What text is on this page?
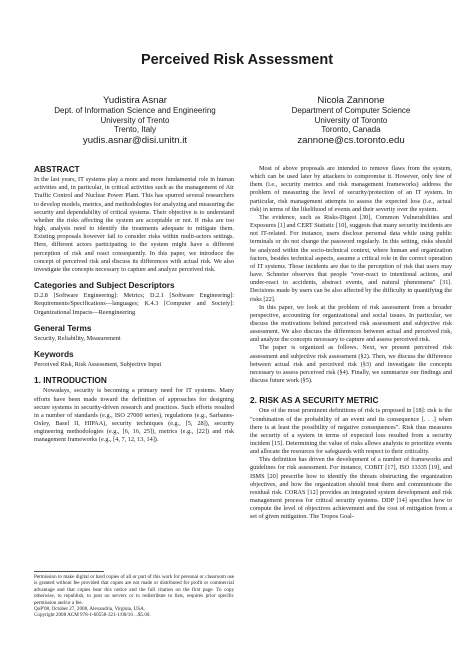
Perceived Risk Assessment
Yudistira Asnar
Dept. of Information Science and Engineering
University of Trento
Trento, Italy
yudis.asnar@disi.unitn.it
Nicola Zannone
Department of Computer Science
University of Toronto
Toronto, Canada
zannone@cs.toronto.edu
ABSTRACT

In the last years, IT systems play a more and more fundamental role in human activities and, in particular, in critical activities such as the management of Air Traffic Control and Nuclear Power Plant. This has spurred several researchers to develop models, metrics, and methodologies for analyzing and measuring the security and dependability of critical systems. Their objective is to understand whether the risks affecting the system are acceptable or not. If risks are too high, analysts need to identify the treatments adequate to mitigate them. Existing proposals however fail to consider risks within multi-actors settings. Here, different actors participating to the system might have a different perception of risk and react consequently. In this paper, we introduce the concept of perceived risk and discuss its differences with actual risk. We also investigate the concepts necessary to capture and analyze perceived risk.

Categories and Subject Descriptors

D.2.8 [Software Engineering]: Metrics; D.2.1 [Software Engineering]: Requirements/Specifications—languages; K.4.3 [Computer and Society]: Organizational Impacts—Reengineering

General Terms

Security, Reliability, Measurement

Keywords

Perceived Risk, Risk Assessment, Subjective Input

1. INTRODUCTION

Nowadays, security is becoming a primary need for IT systems. Many efforts have been made toward the definition of approaches for designing secure systems in security-driven research and practices. Such efforts resulted in a number of standards (e.g., ISO 27000 series), regulations (e.g., Sarbanes-Oxley, Basel II, HIPAA), security techniques (e.g., [5, 28]), security engineering methodologies (e.g., [6, 16, 25]), metrics (e.g., [22]) and risk management frameworks (e.g., [4, 7, 12, 13, 14]).

Permission to make digital or hard copies of all or part of this work for personal or classroom use is granted without fee provided that copies are not made or distributed for profit or commercial advantage and that copies bear this notice and the full citation on the first page. To copy otherwise, to republish, to post on servers or to redistribute to lists, requires prior specific permission and/or a fee.

QoP'08, October 27, 2008, Alexandria, Virginia, USA.
Copyright 2008 ACM 978-1-60558-321-1/08/10 ...$5.00.

Most of above proposals are intended to remove flaws from the system, which can be used later by attackers to compromise it. However, only few of them (i.e., security metrics and risk management frameworks) address the problem of measuring the level of security/protection of an IT system. In particular, risk management attempts to assess the expected loss (i.e., actual risk) in terms of the likelihood of events and their severity over the system.

The evidence, such as Risks-Digest [30], Common Vulnerabilities and Exposures [1] and CERT Statistic [10], suggests that many security incidents are not IT-related. For instance, users disclose personal data while using public terminals or do not change the password regularly. In this setting, risks should be analyzed within the socio-technical context, where human and organization factors, besides technical aspects, assume a critical role in the correct operation of IT systems. Those incidents are due to the perception of risk that users may have. Schneier observes that people "over-react to intentional actions, and under-react to accidents, abstract events, and natural phenomena" [31]. Decisions made by users can be also affected by the difficulty in quantifying the risks [22].

In this paper, we look at the problem of risk assessment from a broader perspective, accounting for organizational and social issues. In particular, we discuss the motivations behind perceived risk assessment and subjective risk assessment. We also discuss the differences between actual and perceived risk, and analyze the concepts necessary to capture and assess perceived risk.

The paper is organized as follows. Next, we present perceived risk assessment and subjective risk assessment (§2). Then, we discuss the difference between actual risk and perceived risk (§3) and investigate the concepts necessary to assess perceived risk (§4). Finally, we summarize our findings and discuss future work (§5).

2. RISK AS A SECURITY METRIC

One of the most prominent definitions of risk is proposed in [18]: risk is the "combination of the probability of an event and its consequence [. . .] when there is at least the possibility of negative consequences". Risk thus measures the security of a system in terms of expected loss resulted from a security incident [15]. Determining the value of risks allows analysts to prioritize events and allocate the resources for safeguards with respect to their criticality.

This definition has driven the development of a number of frameworks and guidelines for risk assessment. For instance, COBIT [17], ISO 13335 [19], and ISMS [20] prescribe how to identify the threats obstructing the organization objectives, and how the organization should treat them and communicate the residual risk. CORAS [12] provides an integrated system development and risk management process for critical security systems. DDP [14] specifies how to compute the level of objectives achievement and the cost of mitigation from a set of given mitigation. The Tropos Goal-
